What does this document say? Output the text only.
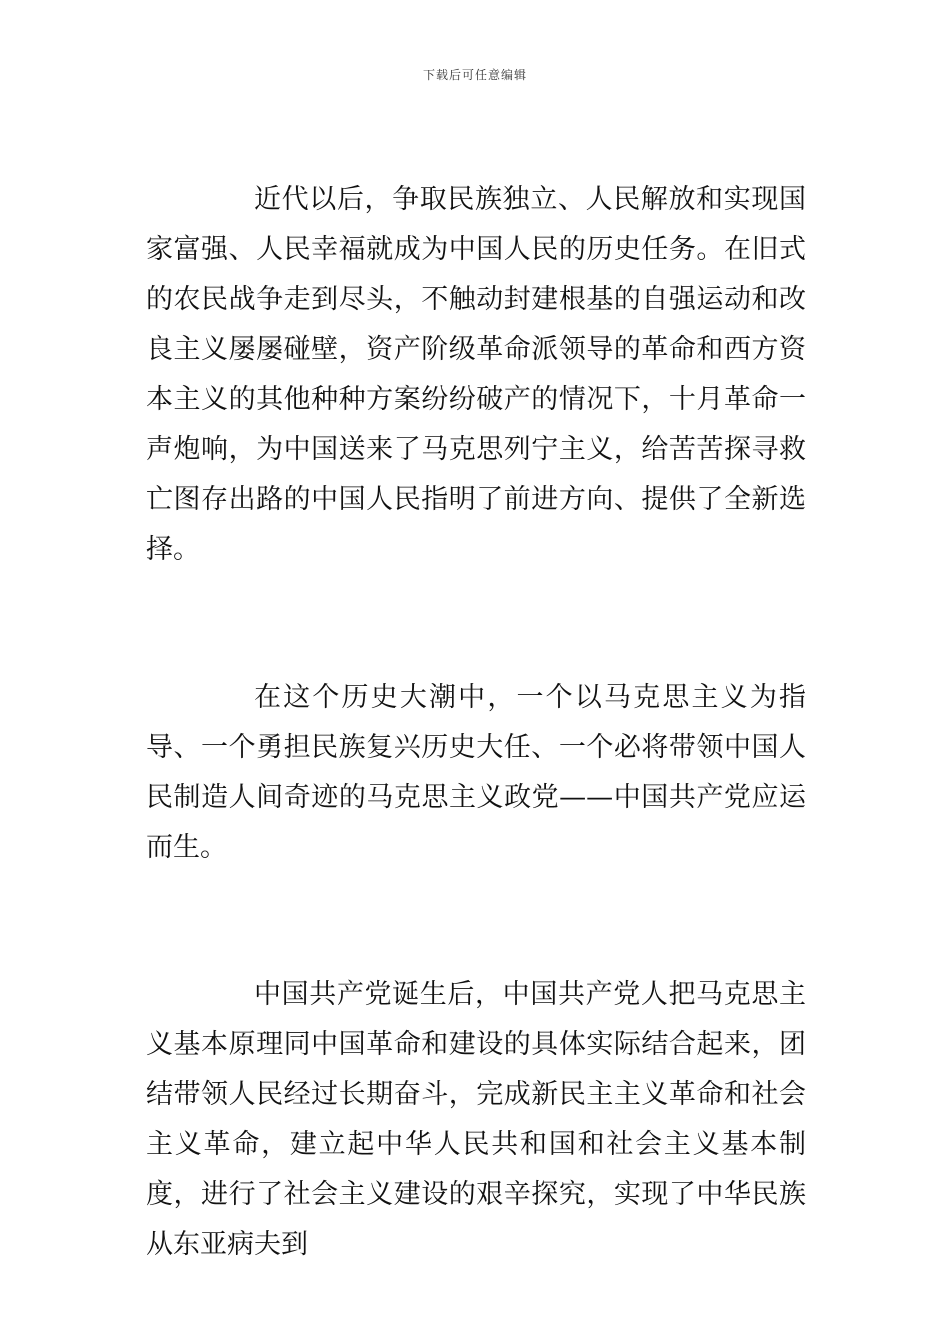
下载后可任意编辑

近代以后，争取民族独立、人民解放和实现国家富强、人民幸福就成为中国人民的历史任务。在旧式的农民战争走到尽头，不触动封建根基的自强运动和改良主义屡屡碰壁，资产阶级革命派领导的革命和西方资本主义的其他种种方案纷纷破产的情况下，十月革命一声炮响，为中国送来了马克思列宁主义，给苦苦探寻救亡图存出路的中国人民指明了前进方向、提供了全新选择。

在这个历史大潮中，一个以马克思主义为指导、一个勇担民族复兴历史大任、一个必将带领中国人民制造人间奇迹的马克思主义政党——中国共产党应运而生。

中国共产党诞生后，中国共产党人把马克思主义基本原理同中国革命和建设的具体实际结合起来，团结带领人民经过长期奋斗，完成新民主主义革命和社会主义革命，建立起中华人民共和国和社会主义基本制度，进行了社会主义建设的艰辛探究，实现了中华民族从东亚病夫到
